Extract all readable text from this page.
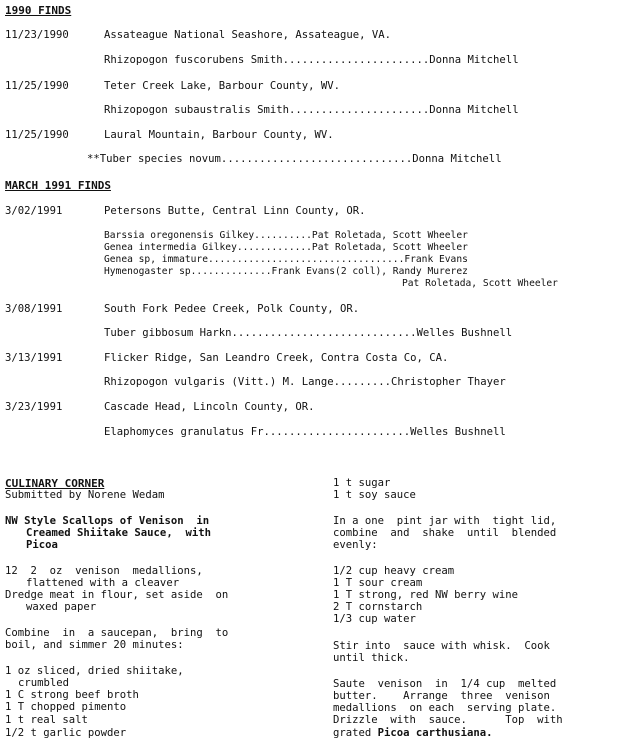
1990 FINDS
11/23/1990	Assateague National Seashore, Assateague, VA.
Rhizopogon fuscorubens Smith.......................Donna Mitchell
11/25/1990	Teter Creek Lake, Barbour County, WV.
Rhizopogon subaustralis Smith......................Donna Mitchell
11/25/1990	Laural Mountain, Barbour County, WV.
**Tuber species novum..............................Donna Mitchell
MARCH 1991 FINDS
3/02/1991	Petersons Butte, Central Linn County, OR.
Barssia oregonensis Gilkey..........Pat Roletada, Scott Wheeler
Genea intermedia Gilkey.............Pat Roletada, Scott Wheeler
Genea sp, immature..................................Frank Evans
Hymenogaster sp..............Frank Evans(2 coll), Randy Murerez
Pat Roletada, Scott Wheeler
3/08/1991	South Fork Pedee Creek, Polk County, OR.
Tuber gibbosum Harkn.............................Welles Bushnell
3/13/1991	Flicker Ridge, San Leandro Creek, Contra Costa Co, CA.
Rhizopogon vulgaris (Vitt.) M. Lange.........Christopher Thayer
3/23/1991	Cascade Head, Lincoln County, OR.
Elaphomyces granulatus Fr.......................Welles Bushnell
CULINARY CORNER
Submitted by Norene Wedam
NW Style Scallops of Venison  in
Creamed Shiitake Sauce,  with
Picoa
12  2  oz  venison  medallions,
flattened with a cleaver
Dredge meat in flour, set aside  on
waxed paper
Combine  in  a saucepan,  bring  to
boil, and simmer 20 minutes:
1 oz sliced, dried shiitake,
crumbled
1 C strong beef broth
1 T chopped pimento
1 t real salt
1/2 t garlic powder
1 t sugar
1 t soy sauce
In a one  pint jar with  tight lid,
combine  and  shake  until  blended
evenly:
1/2 cup heavy cream
1 T sour cream
1 T strong, red NW berry wine
2 T cornstarch
1/3 cup water
Stir into  sauce with whisk.  Cook
until thick.
Saute  venison  in  1/4 cup  melted
butter.    Arrange  three  venison
medallions  on each  serving plate.
Drizzle  with  sauce.      Top  with
grated Picoa carthusiana.
